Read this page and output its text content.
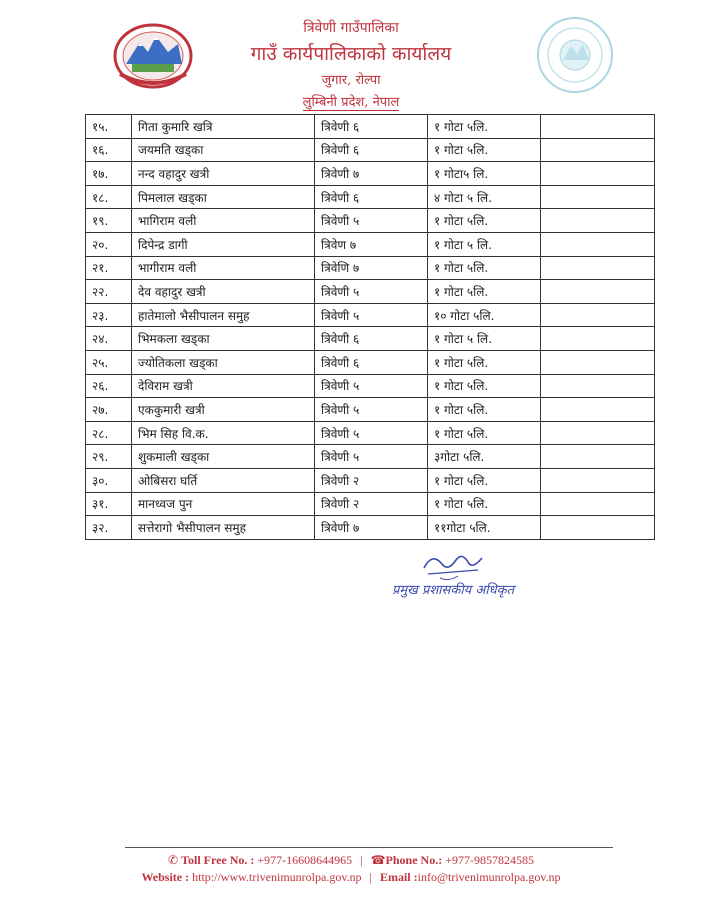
त्रिवेणी गाउँपालिका
गाउँ कार्यपालिकाको कार्यालय
जुगार, रोल्पा
लुम्बिनी प्रदेश, नेपाल
१५.	गिता कुमारि खत्रि	त्रिवेणी ६	१ गोटा ५लि.	
१६.	जयमति खड्का	त्रिवेणी ६	१ गोटा ५लि.	
१७.	नन्द वहादुर खत्री	त्रिवेणी ७	१ गोटा५ लि.	
१८.	पिमलाल खड्का	त्रिवेणी ६	४ गोटा ५ लि.	
१९.	भागिराम वली	त्रिवेणी ५	१ गोटा ५लि.	
२०.	दिपेन्द्र डागी	त्रिवेण ७	१ गोटा ५ लि.	
२१.	भागीराम वली	त्रिवेणि ७	१ गोटा ५लि.	
२२.	देव वहादुर खत्री	त्रिवेणी ५	१ गोटा ५लि.	
२३.	हातेमालो भैसीपालन समुह	त्रिवेणी ५	१० गोटा ५लि.	
२४.	भिमकला खड्का	त्रिवेणी ६	१ गोटा ५ लि.	
२५.	ज्योतिकला खड्का	त्रिवेणी ६	१ गोटा ५लि.	
२६.	देविराम खत्री	त्रिवेणी ५	१ गोटा ५लि.	
२७.	एककुमारी खत्री	त्रिवेणी ५	१ गोटा ५लि.	
२८.	भिम सिह वि.क.	त्रिवेणी ५	१ गोटा ५लि.	
२९.	शुकमाली खड्का	त्रिवेणी ५	३गोटा ५लि.	
३०.	ओबिसरा घर्ति	त्रिवेणी २	१ गोटा ५लि.	
३१.	मानध्वज पुन	त्रिवेणी २	१ गोटा ५लि.	
३२.	सत्तेरागो भैसीपालन समुह	त्रिवेणी ७	११गोटा ५लि.	
प्रमुख प्रशासकीय अधिकृत
✆ Toll Free No. : +977-16608644965 | ☎Phone No.: +977-9857824585
Website : http://www.trivenimunrolpa.gov.np | Email :info@trivenimunrolpa.gov.np
